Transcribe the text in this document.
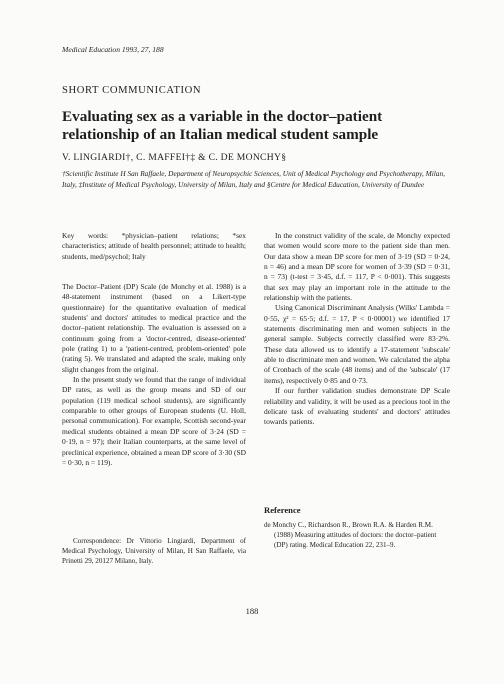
Medical Education 1993, 27, 188
SHORT COMMUNICATION
Evaluating sex as a variable in the doctor–patient relationship of an Italian medical student sample
V. LINGIARDI†, C. MAFFEI†‡ & C. DE MONCHY§
†Scientific Institute H San Raffaele, Department of Neuropsychic Sciences, Unit of Medical Psychology and Psychotherapy, Milan, Italy, ‡Institute of Medical Psychology, University of Milan, Italy and §Centre for Medical Education, University of Dundee

Key words: *physician–patient relations; *sex characteristics; attitude of health personnel; attitude to health; students, med/psychol; Italy

The Doctor–Patient (DP) Scale (de Monchy et al. 1988) is a 48-statement instrument (based on a Likert-type questionnaire) for the quantitative evaluation of medical students' and doctors' attitudes to medical practice and the doctor–patient relationship. The evaluation is assessed on a continuum going from a 'doctor-centred, disease-oriented' pole (rating 1) to a 'patient-centred, problem-oriented' pole (rating 5). We translated and adapted the scale, making only slight changes from the original.

In the present study we found that the range of individual DP rates, as well as the group means and SD of our population (119 medical school students), are significantly comparable to other groups of European students (U. Holl, personal communication). For example, Scottish second-year medical students obtained a mean DP score of 3·24 (SD = 0·19, n = 97); their Italian counterparts, at the same level of preclinical experience, obtained a mean DP score of 3·30 (SD = 0·30, n = 119).

Correspondence: Dr Vittorio Lingiardi, Department of Medical Psychology, University of Milan, H San Raffaele, via Prinetti 29, 20127 Milano, Italy.

In the construct validity of the scale, de Monchy expected that women would score more to the patient side than men. Our data show a mean DP score for men of 3·19 (SD = 0·24, n = 46) and a mean DP score for women of 3·39 (SD = 0·31, n = 73) (t-test = 3·45, d.f. = 117, P < 0·001). This suggests that sex may play an important role in the attitude to the relationship with the patients.

Using Canonical Discriminant Analysis (Wilks' Lambda = 0·55, χ² = 65·5; d.f. = 17, P < 0·00001) we identified 17 statements discriminating men and women subjects in the general sample. Subjects correctly classified were 83·2%. These data allowed us to identify a 17-statement 'subscale' able to discriminate men and women. We calculated the alpha of Cronbach of the scale (48 items) and of the 'subscale' (17 items), respectively 0·85 and 0·73.

If our further validation studies demonstrate DP Scale reliability and validity, it will be used as a precious tool in the delicate task of evaluating students' and doctors' attitudes towards patients.

Reference
de Monchy C., Richardson R., Brown R.A. & Harden R.M. (1988) Measuring attitudes of doctors: the doctor–patient (DP) rating. Medical Education 22, 231–9.
188
